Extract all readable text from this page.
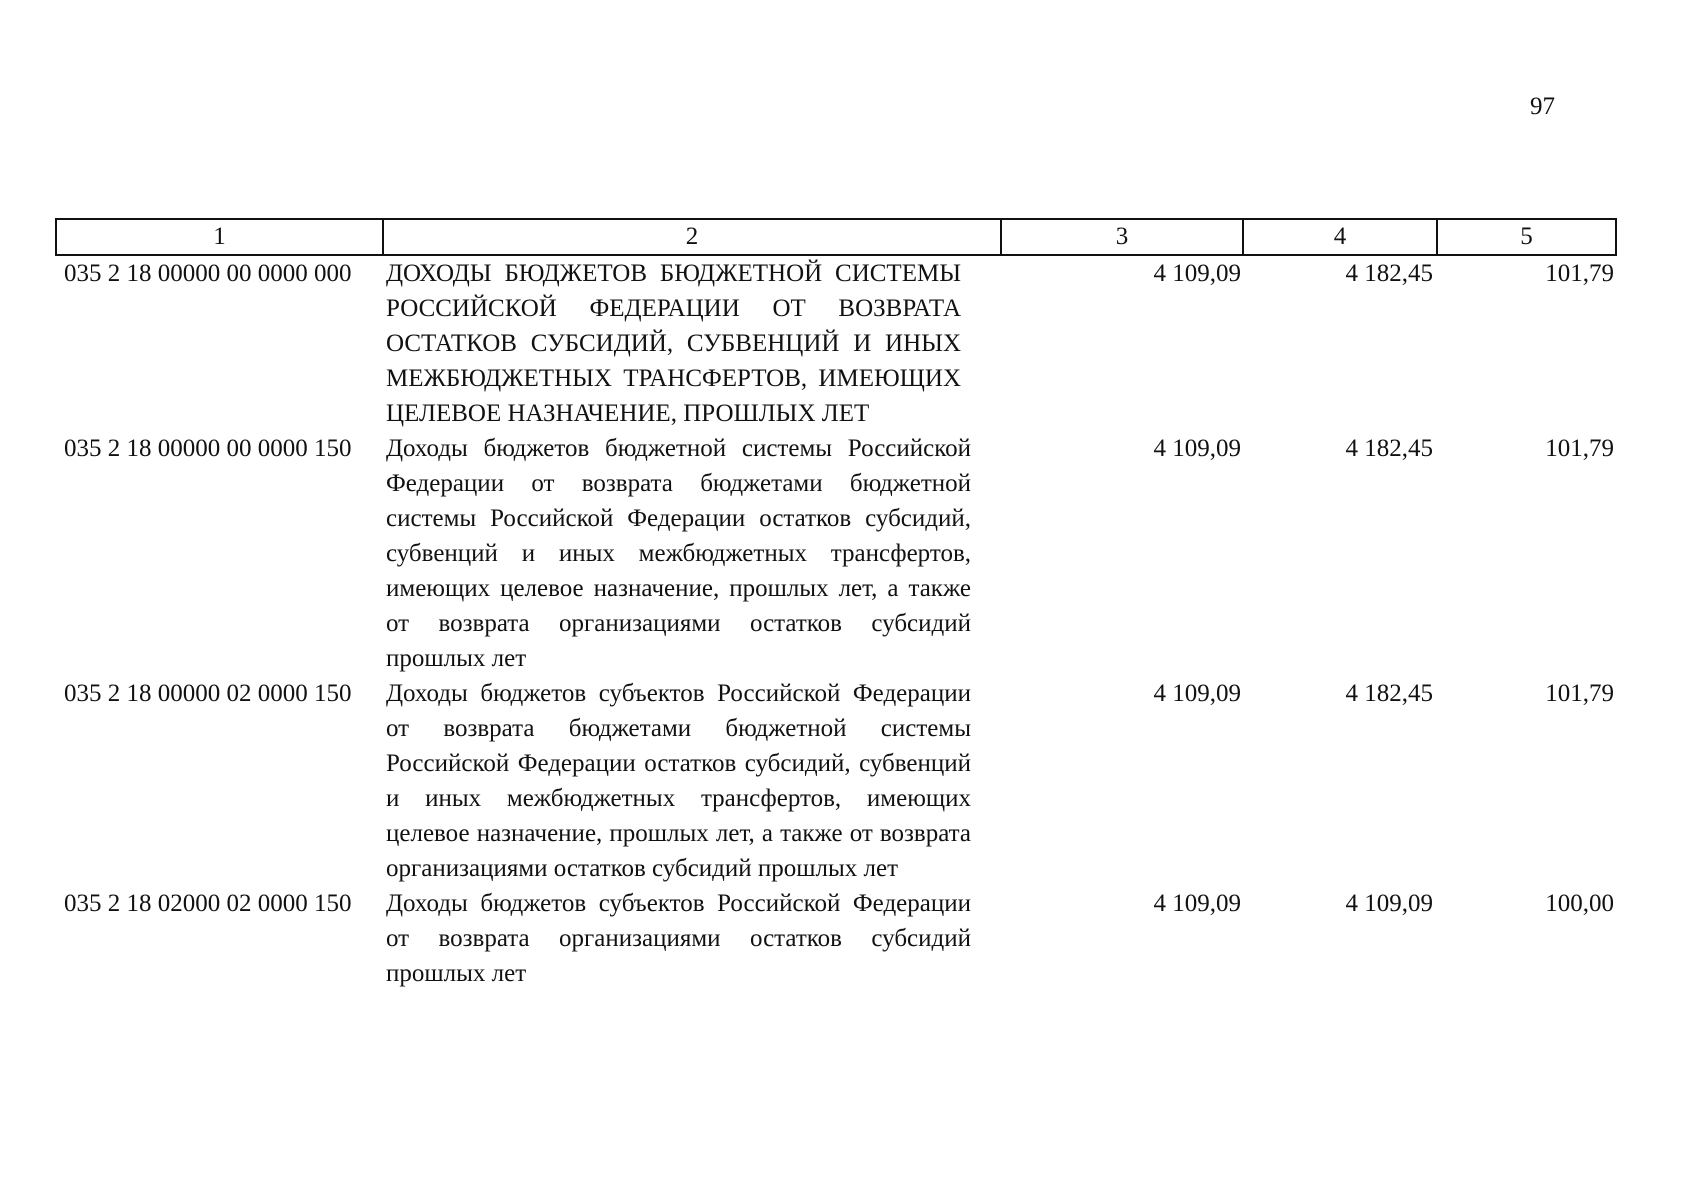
97
1	2	3	4	5
035 2 18 00000 00 0000 000	ДОХОДЫ БЮДЖЕТОВ БЮДЖЕТНОЙ СИСТЕМЫ РОССИЙСКОЙ ФЕДЕРАЦИИ ОТ ВОЗВРАТА ОСТАТКОВ СУБСИДИЙ, СУБВЕНЦИЙ И ИНЫХ МЕЖБЮДЖЕТНЫХ ТРАНСФЕРТОВ, ИМЕЮЩИХ ЦЕЛЕВОЕ НАЗНАЧЕНИЕ, ПРОШЛЫХ ЛЕТ	4 109,09	4 182,45	101,79
035 2 18 00000 00 0000 150	Доходы бюджетов бюджетной системы Российской Федерации от возврата бюджетами бюджетной системы Российской Федерации остатков субсидий, субвенций и иных межбюджетных трансфертов, имеющих целевое назначение, прошлых лет, а также от возврата организациями остатков субсидий прошлых лет	4 109,09	4 182,45	101,79
035 2 18 00000 02 0000 150	Доходы бюджетов субъектов Российской Федерации от возврата бюджетами бюджетной системы Российской Федерации остатков субсидий, субвенций и иных межбюджетных трансфертов, имеющих целевое назначение, прошлых лет, а также от возврата организациями остатков субсидий прошлых лет	4 109,09	4 182,45	101,79
035 2 18 02000 02 0000 150	Доходы бюджетов субъектов Российской Федерации от возврата организациями остатков субсидий прошлых лет	4 109,09	4 109,09	100,00
